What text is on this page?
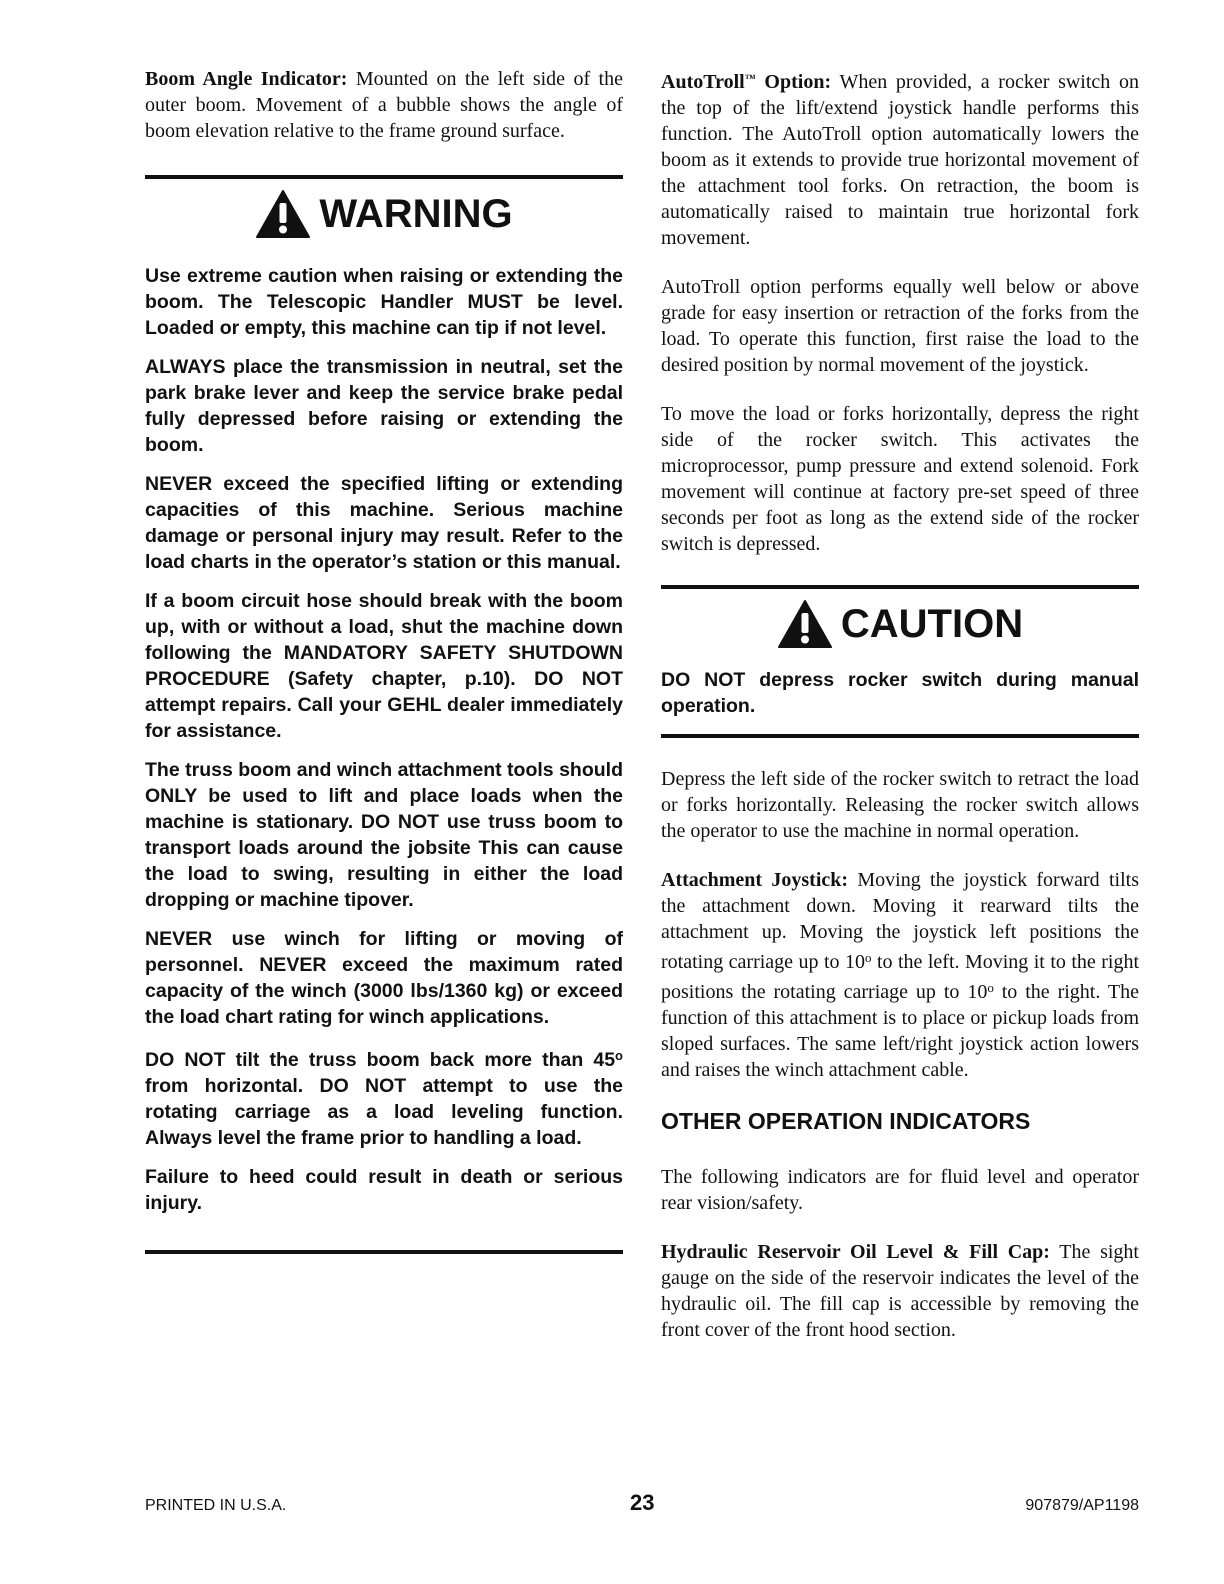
Boom Angle Indicator: Mounted on the left side of the outer boom. Movement of a bubble shows the angle of boom elevation relative to the frame ground surface.

WARNING

Use extreme caution when raising or extending the boom. The Telescopic Handler MUST be level. Loaded or empty, this machine can tip if not level.

ALWAYS place the transmission in neutral, set the park brake lever and keep the service brake pedal fully depressed before raising or extending the boom.

NEVER exceed the specified lifting or extending capacities of this machine. Serious machine damage or personal injury may result. Refer to the load charts in the operator’s station or this manual.

If a boom circuit hose should break with the boom up, with or without a load, shut the machine down following the MANDATORY SAFETY SHUTDOWN PROCEDURE (Safety chapter, p.10). DO NOT attempt repairs. Call your GEHL dealer immediately for assistance.

The truss boom and winch attachment tools should ONLY be used to lift and place loads when the machine is stationary. DO NOT use truss boom to transport loads around the jobsite This can cause the load to swing, resulting in either the load dropping or machine tipover.

NEVER use winch for lifting or moving of personnel. NEVER exceed the maximum rated capacity of the winch (3000 lbs/1360 kg) or exceed the load chart rating for winch applications.

DO NOT tilt the truss boom back more than 45$^o$ from horizontal. DO NOT attempt to use the rotating carriage as a load leveling function. Always level the frame prior to handling a load.

Failure to heed could result in death or serious injury.

AutoTroll™ Option: When provided, a rocker switch on the top of the lift/extend joystick handle performs this function. The AutoTroll option automatically lowers the boom as it extends to provide true horizontal movement of the attachment tool forks. On retraction, the boom is automatically raised to maintain true horizontal fork movement.

AutoTroll option performs equally well below or above grade for easy insertion or retraction of the forks from the load. To operate this function, first raise the load to the desired position by normal movement of the joystick.

To move the load or forks horizontally, depress the right side of the rocker switch. This activates the microprocessor, pump pressure and extend solenoid. Fork movement will continue at factory pre-set speed of three seconds per foot as long as the extend side of the rocker switch is depressed.

CAUTION

DO NOT depress rocker switch during manual operation.

Depress the left side of the rocker switch to retract the load or forks horizontally. Releasing the rocker switch allows the operator to use the machine in normal operation.

Attachment Joystick: Moving the joystick forward tilts the attachment down. Moving it rearward tilts the attachment up. Moving the joystick left positions the rotating carriage up to 10$^o$ to the left. Moving it to the right positions the rotating carriage up to 10$^o$ to the right. The function of this attachment is to place or pickup loads from sloped surfaces. The same left/right joystick action lowers and raises the winch attachment cable.

OTHER OPERATION INDICATORS

The following indicators are for fluid level and operator rear vision/safety.

Hydraulic Reservoir Oil Level & Fill Cap: The sight gauge on the side of the reservoir indicates the level of the hydraulic oil. The fill cap is accessible by removing the front cover of the front hood section.

PRINTED IN U.S.A.	23	907879/AP1198
